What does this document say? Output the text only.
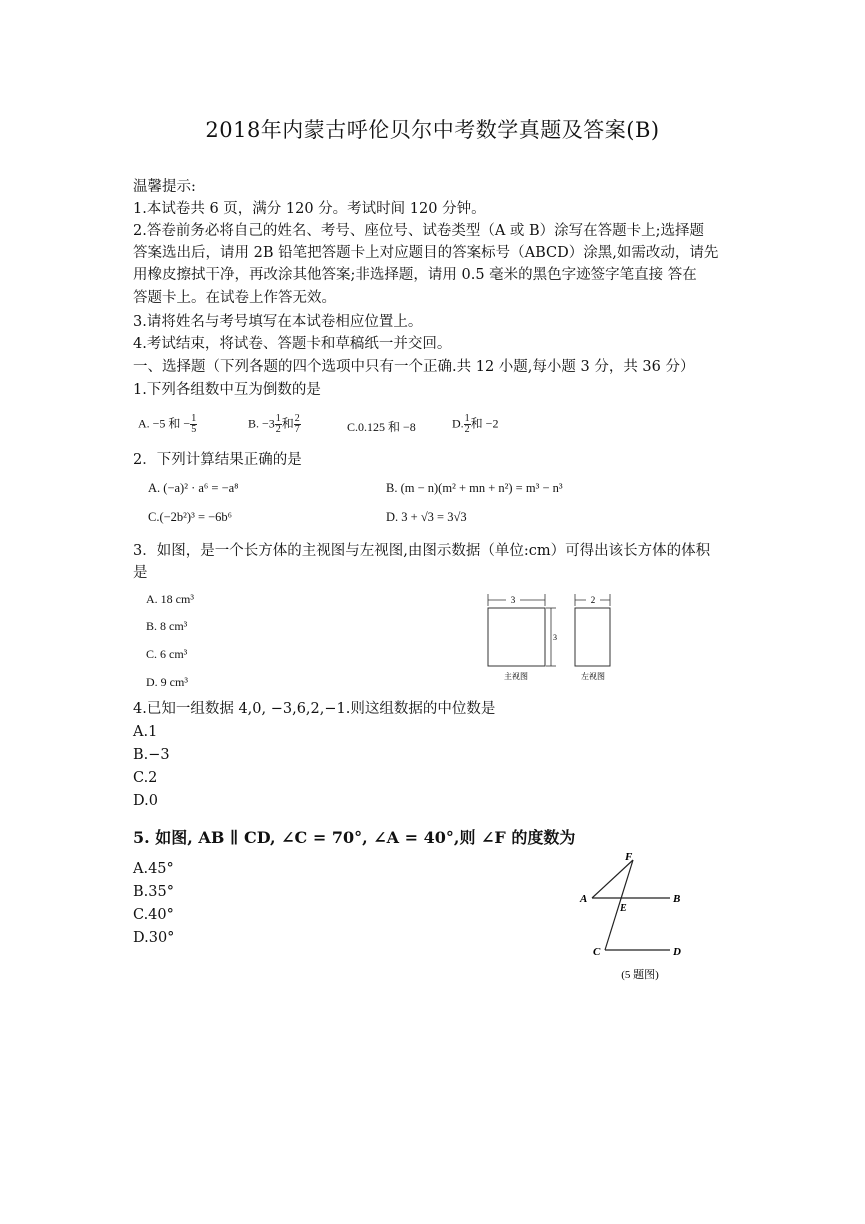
2018年内蒙古呼伦贝尔中考数学真题及答案(B)
温馨提示:
1.本试卷共 6 页，满分 120 分。考试时间 120 分钟。
2.答卷前务必将自己的姓名、考号、座位号、试卷类型（A 或 B）涂写在答题卡上;选择题
答案选出后，请用 2B 铅笔把答题卡上对应题目的答案标号（ABCD）涂黑,如需改动，请先
用橡皮擦拭干净，再改涂其他答案;非选择题，请用 0.5 毫米的黑色字迹签字笔直接 答在
答题卡上。在试卷上作答无效。
3.请将姓名与考号填写在本试卷相应位置上。
4.考试结束，将试卷、答题卡和草稿纸一并交回。
一、选择题（下列各题的四个选项中只有一个正确.共 12 小题,每小题 3 分，共 36 分）
1.下列各组数中互为倒数的是
A. −5 和 − $\frac{1}{5}$	B. $-3 \frac{1}{2}$ 和 $\frac{2}{7}$	C.0.125 和 −8	D. $\frac{1}{2}$ 和 −2
2．下列计算结果正确的是
A. (−a)² · a⁶ = −a⁸	B. (m − n)(m² + mn + n²) = m³ − n³
C.(−2b²)³ = −6b⁶	D. 3 + √3 = 3√3
3．如图，是一个长方体的主视图与左视图,由图示数据（单位:cm）可得出该长方体的体积
是
A. 18 cm³
B. 8 cm³
C. 6 cm³
D. 9 cm³
3
3
主视图
2
左视图
4.已知一组数据 4,0, −3,6,2,−1.则这组数据的中位数是
A.1
B.−3
C.2
D.0
5. 如图, AB ∥ CD, ∠C = 70°, ∠A = 40°,则 ∠F 的度数为
A.45°
B.35°
C.40°
D.30°
F
A	B
E
C	D
(5 题图)
